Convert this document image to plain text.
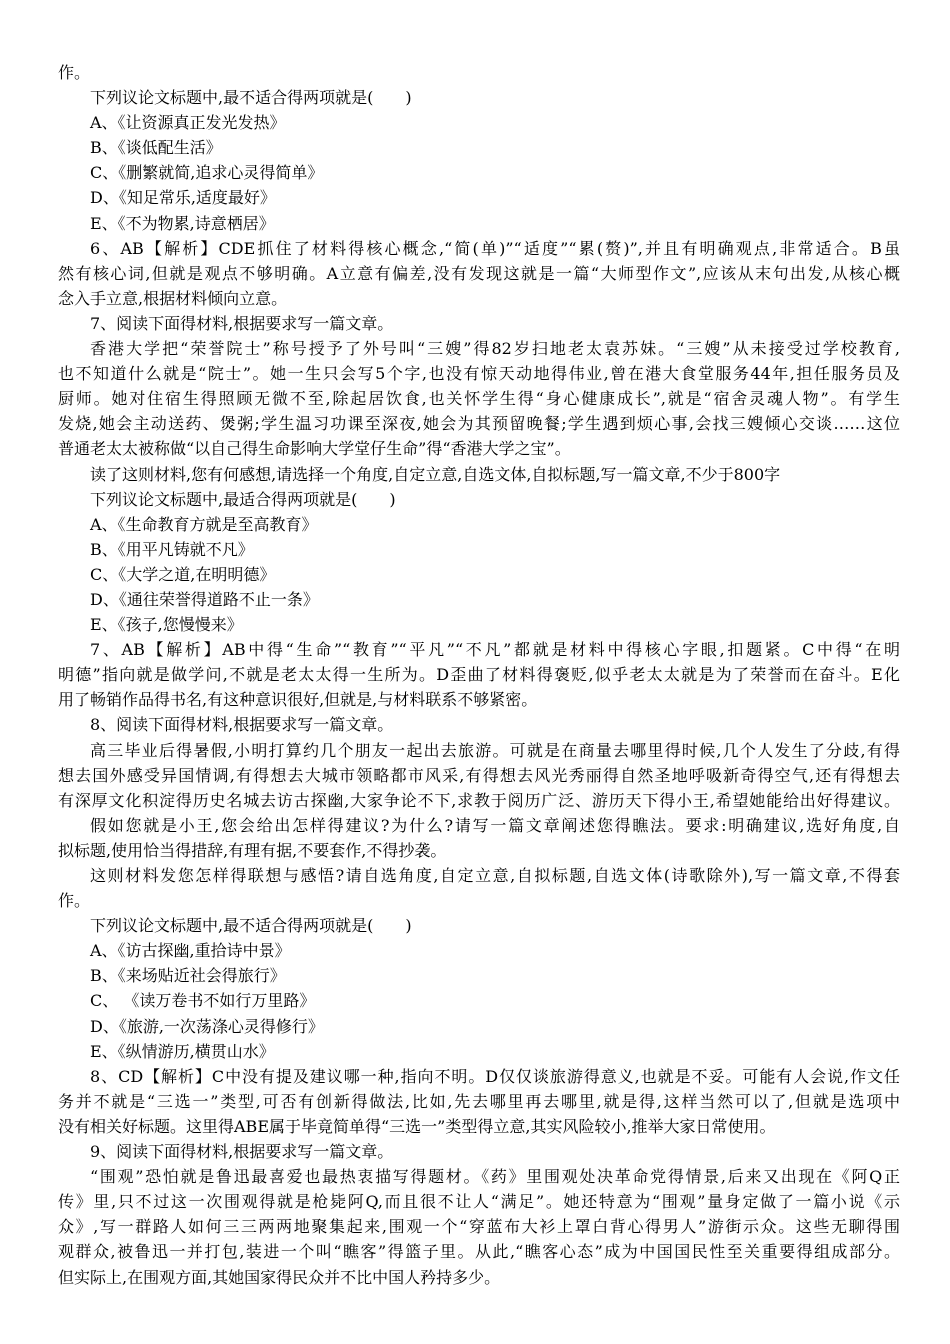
作。
下列议论文标题中,最不适合得两项就是(　　)
A、《让资源真正发光发热》
B、《谈低配生活》
C、《删繁就简,追求心灵得简单》
D、《知足常乐,适度最好》
E、《不为物累,诗意栖居》
6、AB【解析】CDE抓住了材料得核心概念,“简(单)”“适度”“累(赘)”,并且有明确观点,非常适合。B虽
然有核心词,但就是观点不够明确。A立意有偏差,没有发现这就是一篇“大师型作文”,应该从末句出发,从核心概
念入手立意,根据材料倾向立意。
7、阅读下面得材料,根据要求写一篇文章。
香港大学把“荣誉院士”称号授予了外号叫“三嫂”得82岁扫地老太袁苏妹。“三嫂”从未接受过学校教育,
也不知道什么就是“院士”。她一生只会写5个字,也没有惊天动地得伟业,曾在港大食堂服务44年,担任服务员及
厨师。她对住宿生得照顾无微不至,除起居饮食,也关怀学生得“身心健康成长”,就是“宿舍灵魂人物”。有学生
发烧,她会主动送药、煲粥;学生温习功课至深夜,她会为其预留晚餐;学生遇到烦心事,会找三嫂倾心交谈……这位
普通老太太被称做“以自己得生命影响大学堂仔生命”得“香港大学之宝”。
读了这则材料,您有何感想,请选择一个角度,自定立意,自选文体,自拟标题,写一篇文章,不少于800字
下列议论文标题中,最适合得两项就是(　　)
A、《生命教育方就是至高教育》
B、《用平凡铸就不凡》
C、《大学之道,在明明德》
D、《通往荣誉得道路不止一条》
E、《孩子,您慢慢来》
7、AB【解析】AB中得“生命”“教育”“平凡”“不凡”都就是材料中得核心字眼,扣题紧。C中得“在明
明德”指向就是做学问,不就是老太太得一生所为。D歪曲了材料得褒贬,似乎老太太就是为了荣誉而在奋斗。E化
用了畅销作品得书名,有这种意识很好,但就是,与材料联系不够紧密。
8、阅读下面得材料,根据要求写一篇文章。
高三毕业后得暑假,小明打算约几个朋友一起出去旅游。可就是在商量去哪里得时候,几个人发生了分歧,有得
想去国外感受异国情调,有得想去大城市领略都市风采,有得想去风光秀丽得自然圣地呼吸新奇得空气,还有得想去
有深厚文化积淀得历史名城去访古探幽,大家争论不下,求教于阅历广泛、游历天下得小王,希望她能给出好得建议。
假如您就是小王,您会给出怎样得建议?为什么?请写一篇文章阐述您得瞧法。要求:明确建议,选好角度,自
拟标题,使用恰当得措辞,有理有据,不要套作,不得抄袭。
这则材料发您怎样得联想与感悟?请自选角度,自定立意,自拟标题,自选文体(诗歌除外),写一篇文章,不得套
作。
下列议论文标题中,最不适合得两项就是(　　)
A、《访古探幽,重拾诗中景》
B、《来场贴近社会得旅行》
C、 《读万卷书不如行万里路》
D、《旅游,一次荡涤心灵得修行》
E、《纵情游历,横贯山水》
8、CD【解析】C中没有提及建议哪一种,指向不明。D仅仅谈旅游得意义,也就是不妥。可能有人会说,作文任
务并不就是“三选一”类型,可否有创新得做法,比如,先去哪里再去哪里,就是得,这样当然可以了,但就是选项中
没有相关好标题。这里得ABE属于毕竟简单得“三选一”类型得立意,其实风险较小,推举大家日常使用。
9、阅读下面得材料,根据要求写一篇文章。
“围观”恐怕就是鲁迅最喜爱也最热衷描写得题材。《药》里围观处决革命党得情景,后来又出现在《阿Q正
传》里,只不过这一次围观得就是枪毙阿Q,而且很不让人“满足”。她还特意为“围观”量身定做了一篇小说《示
众》,写一群路人如何三三两两地聚集起来,围观一个“穿蓝布大衫上罩白背心得男人”游街示众。这些无聊得围
观群众,被鲁迅一并打包,装进一个叫“瞧客”得篮子里。从此,“瞧客心态”成为中国国民性至关重要得组成部分。
但实际上,在围观方面,其她国家得民众并不比中国人矜持多少。
